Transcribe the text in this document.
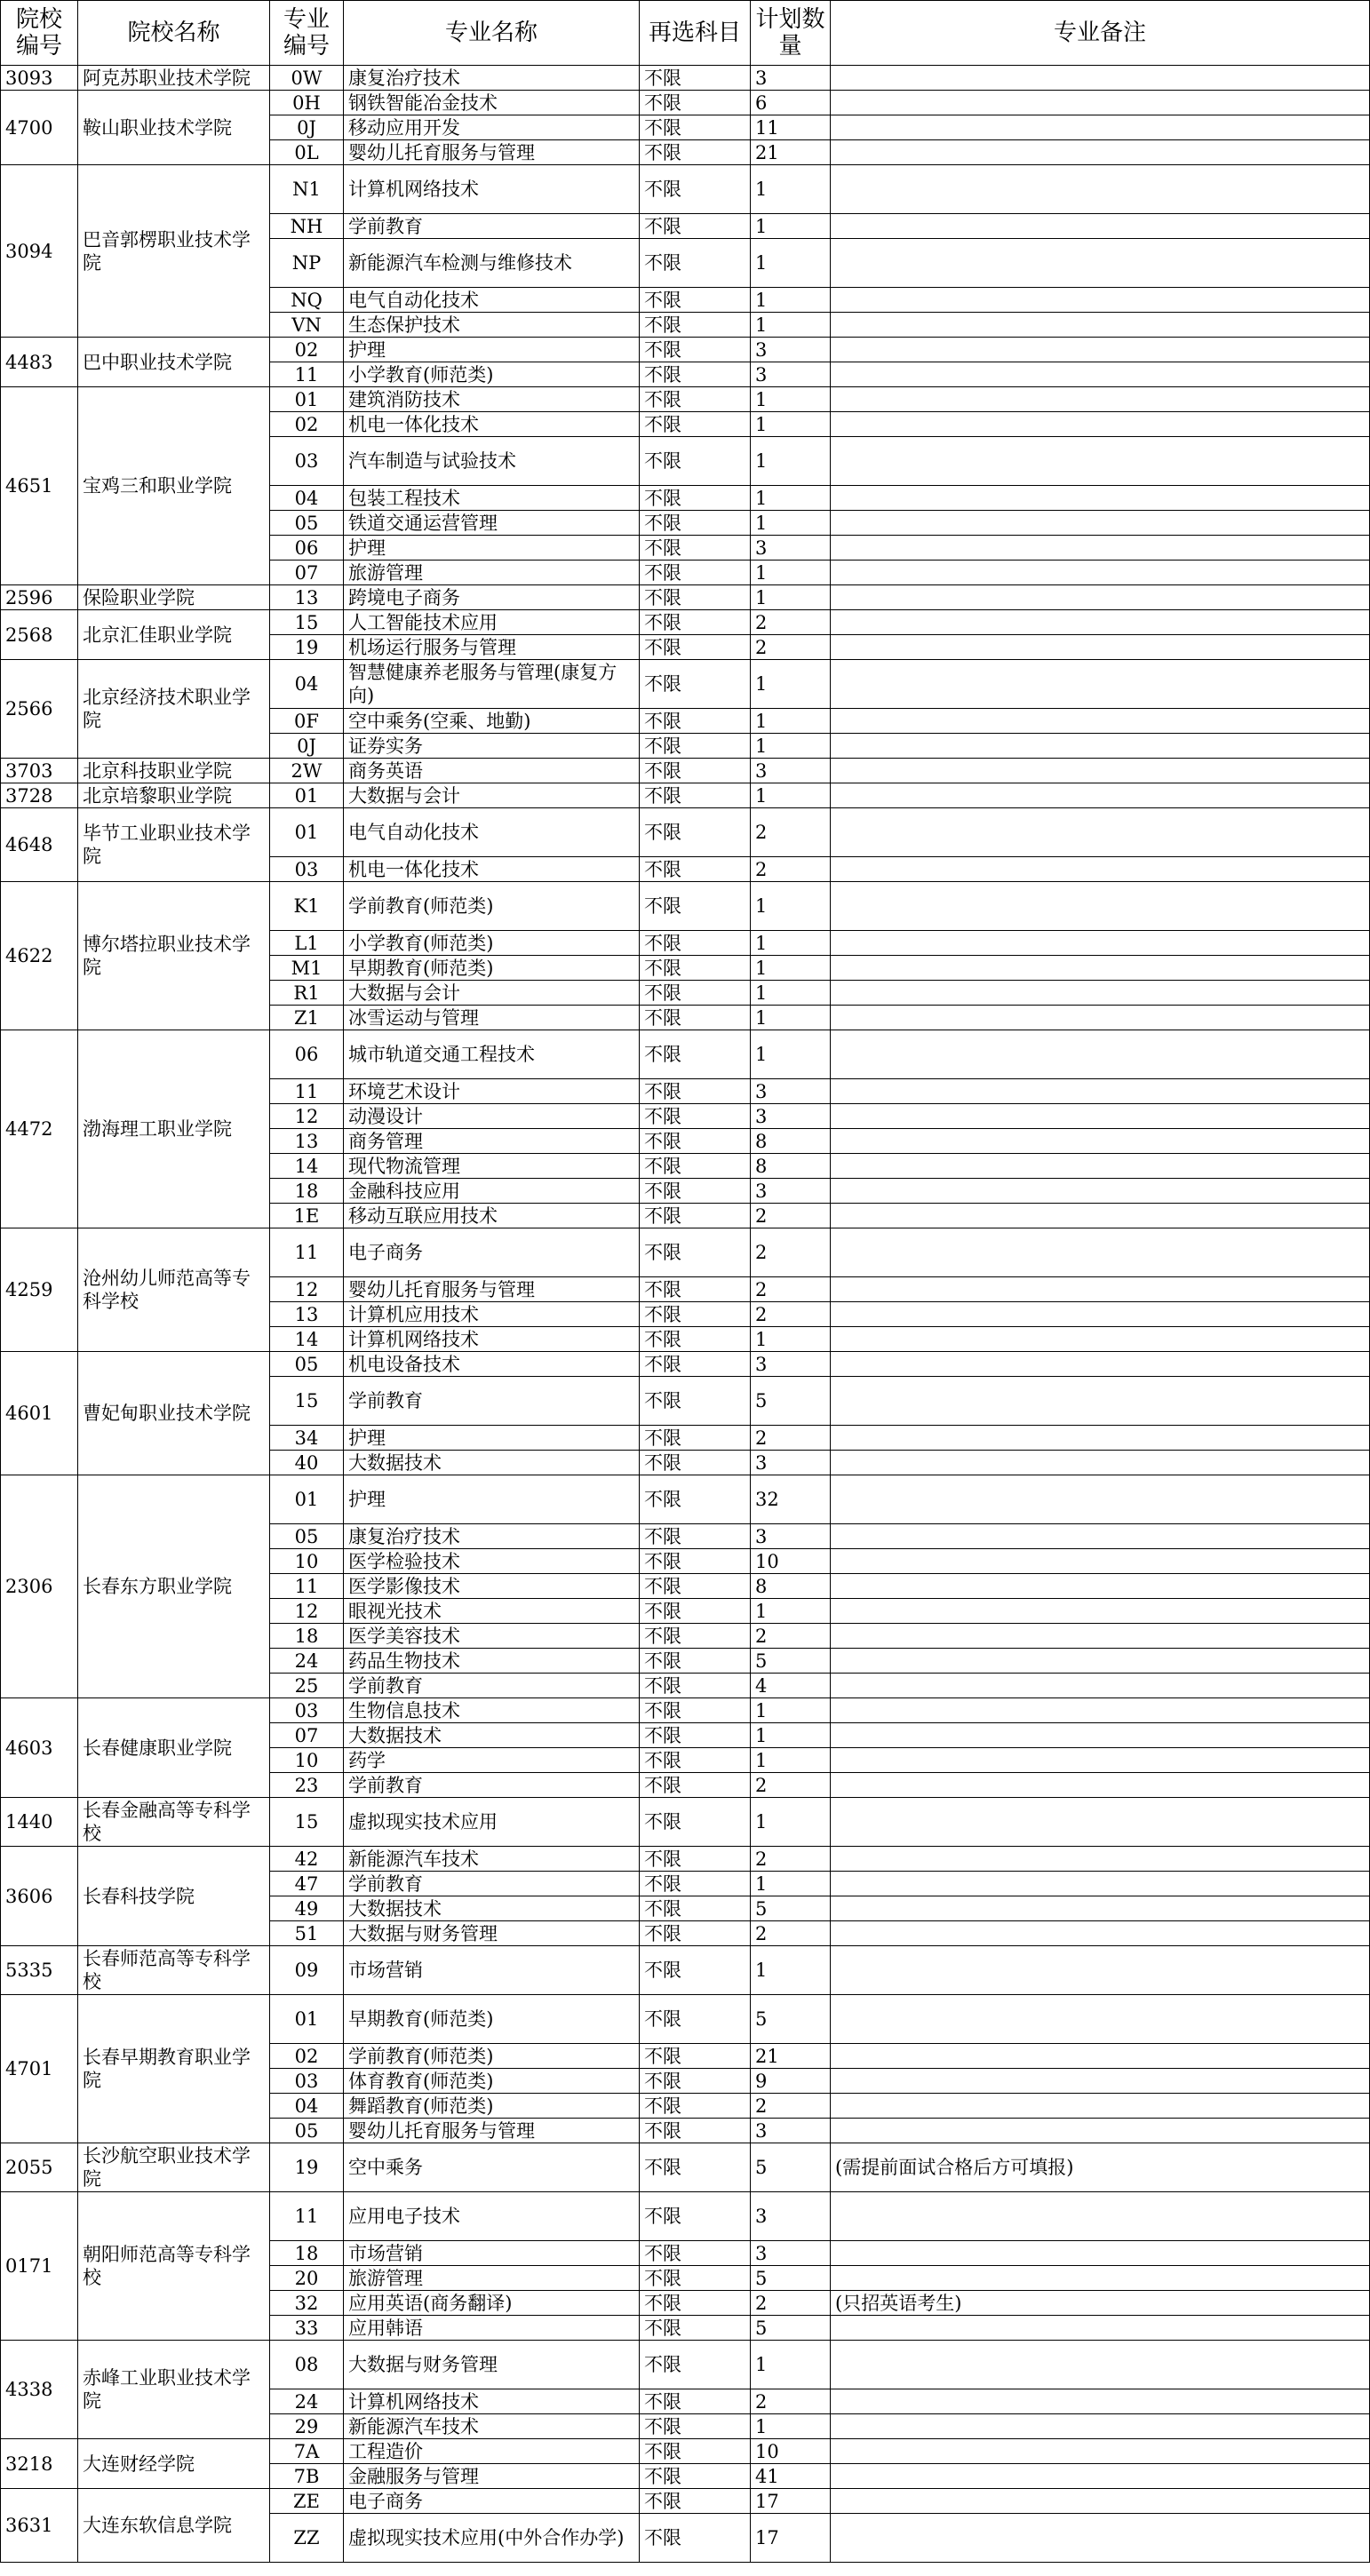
院校编号	院校名称	专业编号	专业名称	再选科目	计划数量	专业备注
3093	阿克苏职业技术学院	0W	康复治疗技术	不限	3	
4700	鞍山职业技术学院	0H	钢铁智能冶金技术	不限	6	
		0J	移动应用开发	不限	11	
		0L	婴幼儿托育服务与管理	不限	21	
3094	巴音郭楞职业技术学院	N1	计算机网络技术	不限	1	
		NH	学前教育	不限	1	
		NP	新能源汽车检测与维修技术	不限	1	
		NQ	电气自动化技术	不限	1	
		VN	生态保护技术	不限	1	
4483	巴中职业技术学院	02	护理	不限	3	
		11	小学教育(师范类)	不限	3	
4651	宝鸡三和职业学院	01	建筑消防技术	不限	1	
		02	机电一体化技术	不限	1	
		03	汽车制造与试验技术	不限	1	
		04	包装工程技术	不限	1	
		05	铁道交通运营管理	不限	1	
		06	护理	不限	3	
		07	旅游管理	不限	1	
2596	保险职业学院	13	跨境电子商务	不限	1	
2568	北京汇佳职业学院	15	人工智能技术应用	不限	2	
		19	机场运行服务与管理	不限	2	
2566	北京经济技术职业学院	04	智慧健康养老服务与管理(康复方向)	不限	1	
		0F	空中乘务(空乘、地勤)	不限	1	
		0J	证券实务	不限	1	
3703	北京科技职业学院	2W	商务英语	不限	3	
3728	北京培黎职业学院	01	大数据与会计	不限	1	
4648	毕节工业职业技术学院	01	电气自动化技术	不限	2	
		03	机电一体化技术	不限	2	
4622	博尔塔拉职业技术学院	K1	学前教育(师范类)	不限	1	
		L1	小学教育(师范类)	不限	1	
		M1	早期教育(师范类)	不限	1	
		R1	大数据与会计	不限	1	
		Z1	冰雪运动与管理	不限	1	
4472	渤海理工职业学院	06	城市轨道交通工程技术	不限	1	
		11	环境艺术设计	不限	3	
		12	动漫设计	不限	3	
		13	商务管理	不限	8	
		14	现代物流管理	不限	8	
		18	金融科技应用	不限	3	
		1E	移动互联应用技术	不限	2	
4259	沧州幼儿师范高等专科学校	11	电子商务	不限	2	
		12	婴幼儿托育服务与管理	不限	2	
		13	计算机应用技术	不限	2	
		14	计算机网络技术	不限	1	
4601	曹妃甸职业技术学院	05	机电设备技术	不限	3	
		15	学前教育	不限	5	
		34	护理	不限	2	
		40	大数据技术	不限	3	
2306	长春东方职业学院	01	护理	不限	32	
		05	康复治疗技术	不限	3	
		10	医学检验技术	不限	10	
		11	医学影像技术	不限	8	
		12	眼视光技术	不限	1	
		18	医学美容技术	不限	2	
		24	药品生物技术	不限	5	
		25	学前教育	不限	4	
4603	长春健康职业学院	03	生物信息技术	不限	1	
		07	大数据技术	不限	1	
		10	药学	不限	1	
		23	学前教育	不限	2	
1440	长春金融高等专科学校	15	虚拟现实技术应用	不限	1	
3606	长春科技学院	42	新能源汽车技术	不限	2	
		47	学前教育	不限	1	
		49	大数据技术	不限	5	
		51	大数据与财务管理	不限	2	
5335	长春师范高等专科学校	09	市场营销	不限	1	
4701	长春早期教育职业学院	01	早期教育(师范类)	不限	5	
		02	学前教育(师范类)	不限	21	
		03	体育教育(师范类)	不限	9	
		04	舞蹈教育(师范类)	不限	2	
		05	婴幼儿托育服务与管理	不限	3	
2055	长沙航空职业技术学院	19	空中乘务	不限	5	(需提前面试合格后方可填报)
0171	朝阳师范高等专科学校	11	应用电子技术	不限	3	
		18	市场营销	不限	3	
		20	旅游管理	不限	5	
		32	应用英语(商务翻译)	不限	2	(只招英语考生)
		33	应用韩语	不限	5	
4338	赤峰工业职业技术学院	08	大数据与财务管理	不限	1	
		24	计算机网络技术	不限	2	
		29	新能源汽车技术	不限	1	
3218	大连财经学院	7A	工程造价	不限	10	
		7B	金融服务与管理	不限	41	
3631	大连东软信息学院	ZE	电子商务	不限	17	
		ZZ	虚拟现实技术应用(中外合作办学)	不限	17	
